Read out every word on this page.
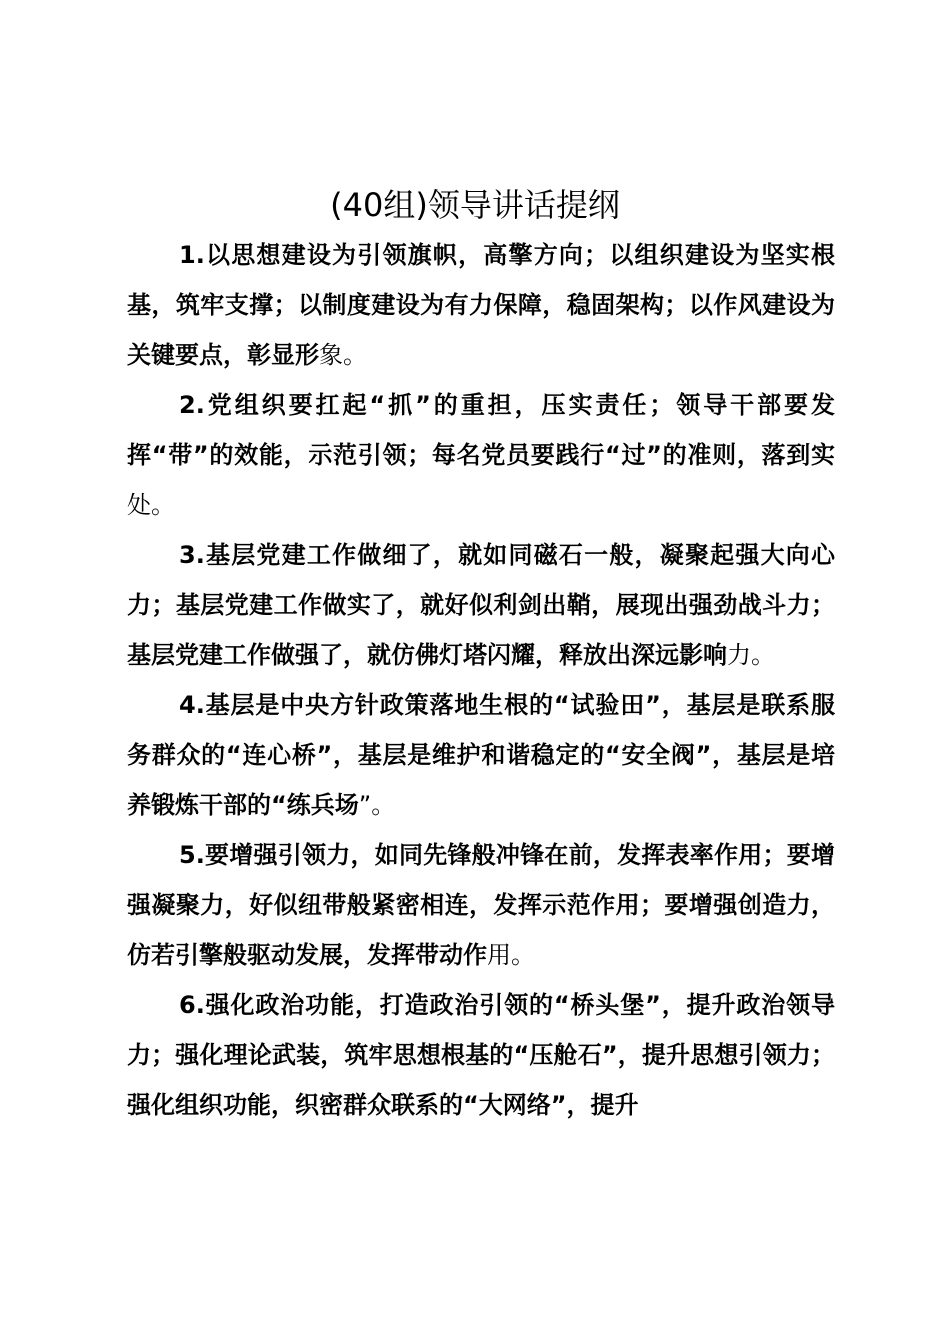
(40组)领导讲话提纲

1.以思想建设为引领旗帜，高擎方向；以组织建设为坚实根基，筑牢支撑；以制度建设为有力保障，稳固架构；以作风建设为关键要点，彰显形象。

2.党组织要扛起“抓”的重担，压实责任；领导干部要发挥“带”的效能，示范引领；每名党员要践行“过”的准则，落到实处。

3.基层党建工作做细了，就如同磁石一般，凝聚起强大向心力；基层党建工作做实了，就好似利剑出鞘，展现出强劲战斗力；基层党建工作做强了，就仿佛灯塔闪耀，释放出深远影响力。

4.基层是中央方针政策落地生根的“试验田”，基层是联系服务群众的“连心桥”，基层是维护和谐稳定的“安全阀”，基层是培养锻炼干部的“练兵场”。

5.要增强引领力，如同先锋般冲锋在前，发挥表率作用；要增强凝聚力，好似纽带般紧密相连，发挥示范作用；要增强创造力，仿若引擎般驱动发展，发挥带动作用。

6.强化政治功能，打造政治引领的“桥头堡”，提升政治领导力；强化理论武装，筑牢思想根基的“压舱石”，提升思想引领力；强化组织功能，织密群众联系的“大网络”，提升
